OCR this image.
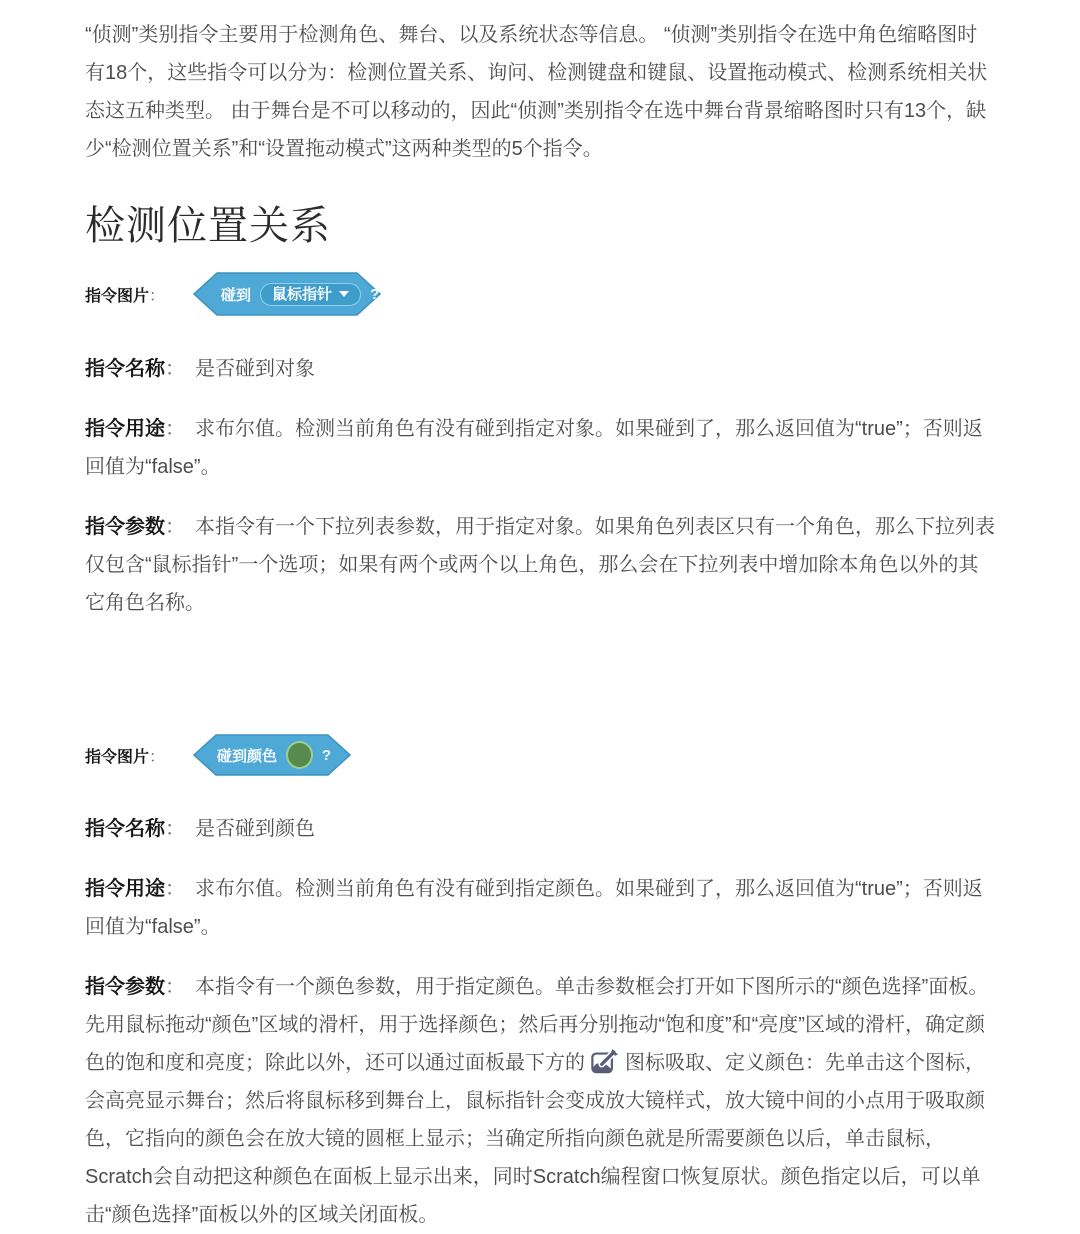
“侦测”类别指令主要用于检测角色、舞台、以及系统状态等信息。 “侦测”类别指令在选中角色缩略图时有18个，这些指令可以分为：检测位置关系、询问、检测键盘和键鼠、设置拖动模式、检测系统相关状态这五种类型。 由于舞台是不可以移动的，因此“侦测”类别指令在选中舞台背景缩略图时只有13个，缺少“检测位置关系”和“设置拖动模式”这两种类型的5个指令。

检测位置关系
指令图片：	碰到 鼠标指针	?

指令名称： 是否碰到对象

指令用途： 求布尔值。检测当前角色有没有碰到指定对象。如果碰到了，那么返回值为“true”；否则返回值为“false”。

指令参数： 本指令有一个下拉列表参数，用于指定对象。如果角色列表区只有一个角色，那么下拉列表仅包含“鼠标指针”一个选项；如果有两个或两个以上角色，那么会在下拉列表中增加除本角色以外的其它角色名称。

指令图片：	碰到颜色	?

指令名称： 是否碰到颜色

指令用途： 求布尔值。检测当前角色有没有碰到指定颜色。如果碰到了，那么返回值为“true”；否则返回值为“false”。

指令参数： 本指令有一个颜色参数，用于指定颜色。单击参数框会打开如下图所示的“颜色选择”面板。先用鼠标拖动“颜色”区域的滑杆，用于选择颜色；然后再分别拖动“饱和度”和“亮度”区域的滑杆，确定颜色的饱和度和亮度；除此以外，还可以通过面板最下方的 图标吸取、定义颜色：先单击这个图标，会高亮显示舞台；然后将鼠标移到舞台上，鼠标指针会变成放大镜样式，放大镜中间的小点用于吸取颜色，它指向的颜色会在放大镜的圆框上显示；当确定所指向颜色就是所需要颜色以后，单击鼠标，Scratch会自动把这种颜色在面板上显示出来，同时Scratch编程窗口恢复原状。颜色指定以后，可以单击“颜色选择”面板以外的区域关闭面板。
